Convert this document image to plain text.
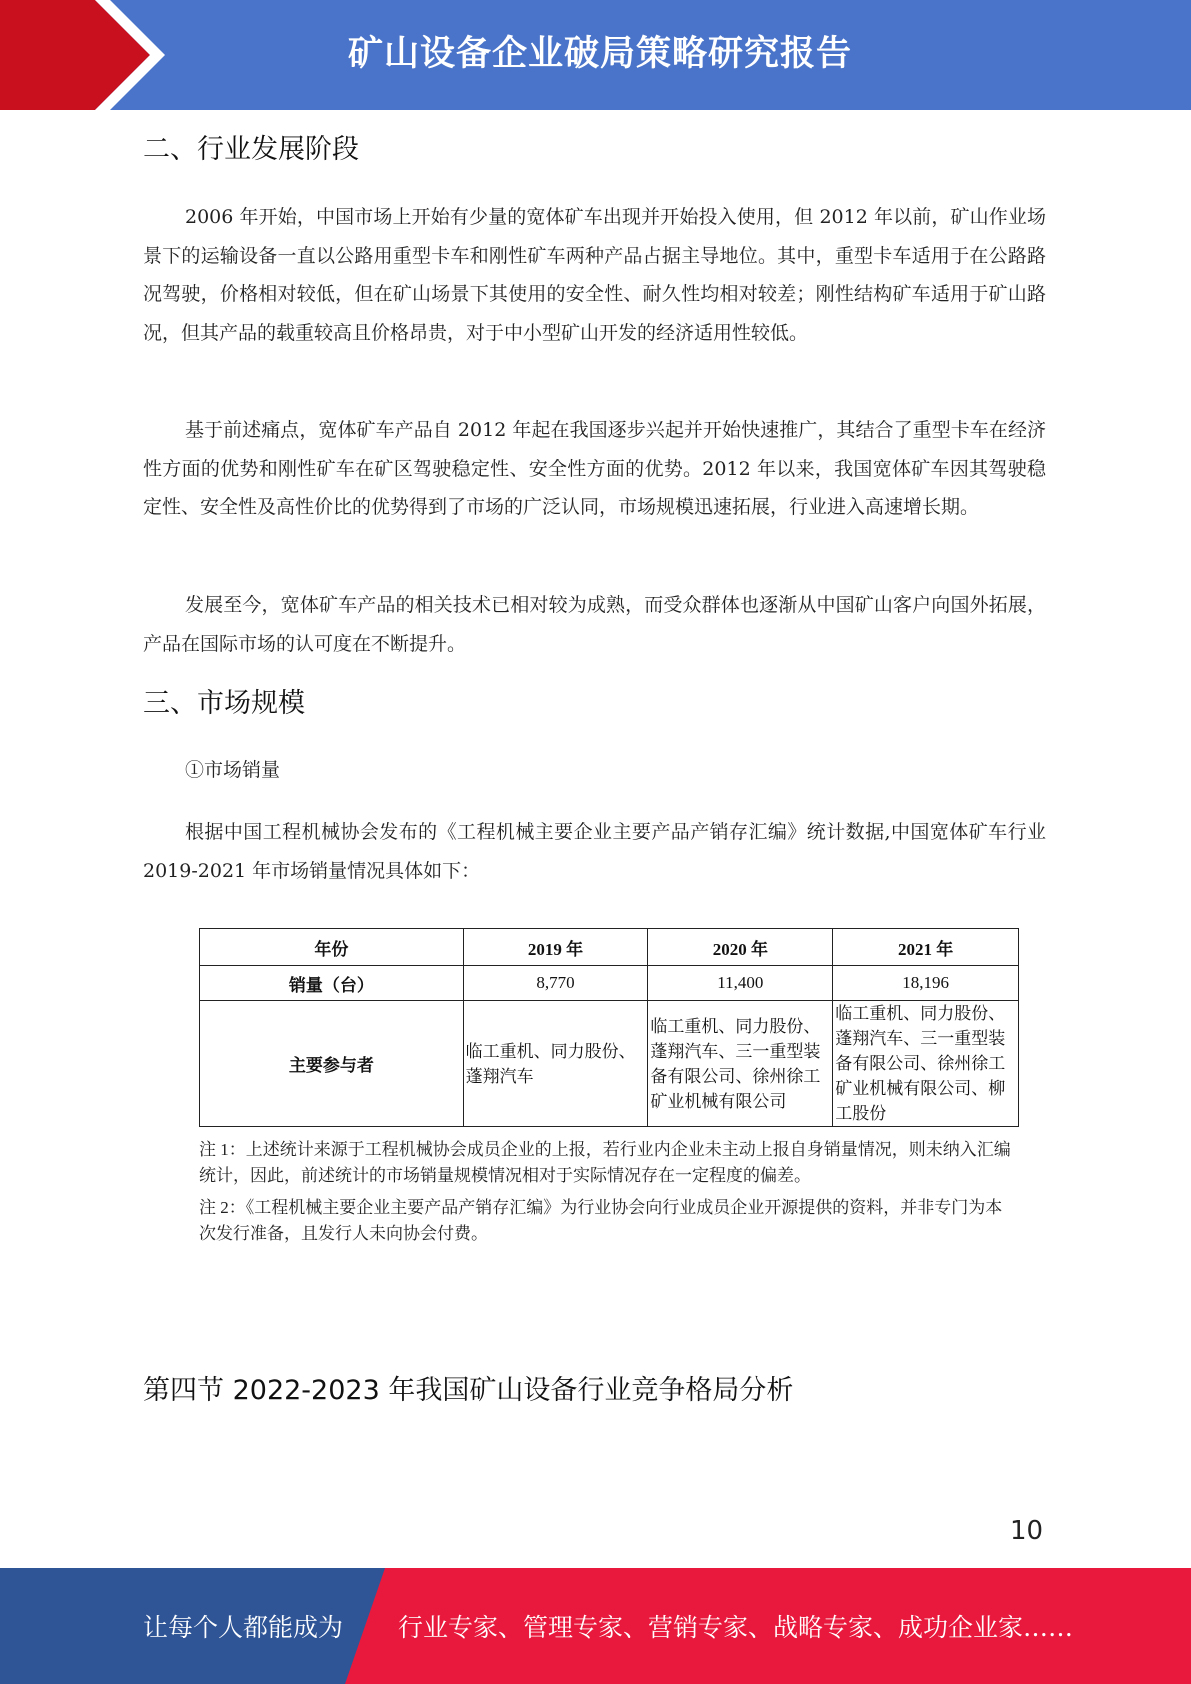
矿山设备企业破局策略研究报告
二、行业发展阶段

2006 年开始，中国市场上开始有少量的宽体矿车出现并开始投入使用，但 2012 年以前，矿山作业场景下的运输设备一直以公路用重型卡车和刚性矿车两种产品占据主导地位。其中，重型卡车适用于在公路路况驾驶，价格相对较低，但在矿山场景下其使用的安全性、耐久性均相对较差；刚性结构矿车适用于矿山路况，但其产品的载重较高且价格昂贵，对于中小型矿山开发的经济适用性较低。

基于前述痛点，宽体矿车产品自 2012 年起在我国逐步兴起并开始快速推广，其结合了重型卡车在经济性方面的优势和刚性矿车在矿区驾驶稳定性、安全性方面的优势。2012 年以来，我国宽体矿车因其驾驶稳定性、安全性及高性价比的优势得到了市场的广泛认同，市场规模迅速拓展，行业进入高速增长期。

发展至今，宽体矿车产品的相关技术已相对较为成熟，而受众群体也逐渐从中国矿山客户向国外拓展，产品在国际市场的认可度在不断提升。

三、市场规模
①市场销量

根据中国工程机械协会发布的《工程机械主要企业主要产品产销存汇编》统计数据,中国宽体矿车行业 2019-2021 年市场销量情况具体如下：

年份	2019 年	2020 年	2021 年
销量（台）	8,770	11,400	18,196
主要参与者	临工重机、同力股份、蓬翔汽车	临工重机、同力股份、蓬翔汽车、三一重型装备有限公司、徐州徐工矿业机械有限公司	临工重机、同力股份、蓬翔汽车、三一重型装备有限公司、徐州徐工矿业机械有限公司、柳工股份

注 1：上述统计来源于工程机械协会成员企业的上报，若行业内企业未主动上报自身销量情况，则未纳入汇编统计，因此，前述统计的市场销量规模情况相对于实际情况存在一定程度的偏差。

注 2：《工程机械主要企业主要产品产销存汇编》为行业协会向行业成员企业开源提供的资料，并非专门为本次发行准备，且发行人未向协会付费。

第四节 2022-2023 年我国矿山设备行业竞争格局分析
10
让每个人都能成为 行业专家、管理专家、营销专家、战略专家、成功企业家……
